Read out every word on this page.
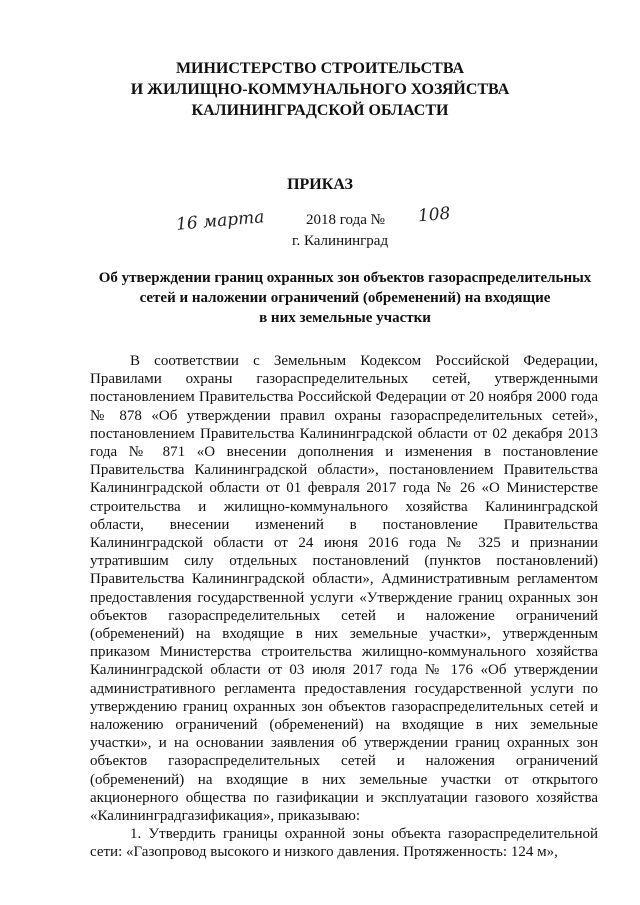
МИНИСТЕРСТВО СТРОИТЕЛЬСТВА
И ЖИЛИЩНО-КОММУНАЛЬНОГО ХОЗЯЙСТВА
КАЛИНИНГРАДСКОЙ ОБЛАСТИ
ПРИКАЗ
16 марта	2018 года № 108
г. Калининград
Об утверждении границ охранных зон объектов газораспределительных
сетей и наложении ограничений (обременений) на входящие
в них земельные участки

В соответствии с Земельным Кодексом Российской Федерации, Правилами охраны газораспределительных сетей, утвержденными постановлением Правительства Российской Федерации от 20 ноября 2000 года № 878 «Об утверждении правил охраны газораспределительных сетей», постановлением Правительства Калининградской области от 02 декабря 2013 года № 871 «О внесении дополнения и изменения в постановление Правительства Калининградской области», постановлением Правительства Калининградской области от 01 февраля 2017 года № 26 «О Министерстве строительства и жилищно-коммунального хозяйства Калининградской области, внесении изменений в постановление Правительства Калининградской области от 24 июня 2016 года № 325 и признании утратившим силу отдельных постановлений (пунктов постановлений) Правительства Калининградской области», Административным регламентом предоставления государственной услуги «Утверждение границ охранных зон объектов газораспределительных сетей и наложение ограничений (обременений) на входящие в них земельные участки», утвержденным приказом Министерства строительства жилищно-коммунального хозяйства Калининградской области от 03 июля 2017 года № 176 «Об утверждении административного регламента предоставления государственной услуги по утверждению границ охранных зон объектов газораспределительных сетей и наложению ограничений (обременений) на входящие в них земельные участки», и на основании заявления об утверждении границ охранных зон объектов газораспределительных сетей и наложения ограничений (обременений) на входящие в них земельные участки от открытого акционерного общества по газификации и эксплуатации газового хозяйства «Калининградгазификация», приказываю:

1. Утвердить границы охранной зоны объекта газораспределительной сети: «Газопровод высокого и низкого давления. Протяженность: 124 м»,
